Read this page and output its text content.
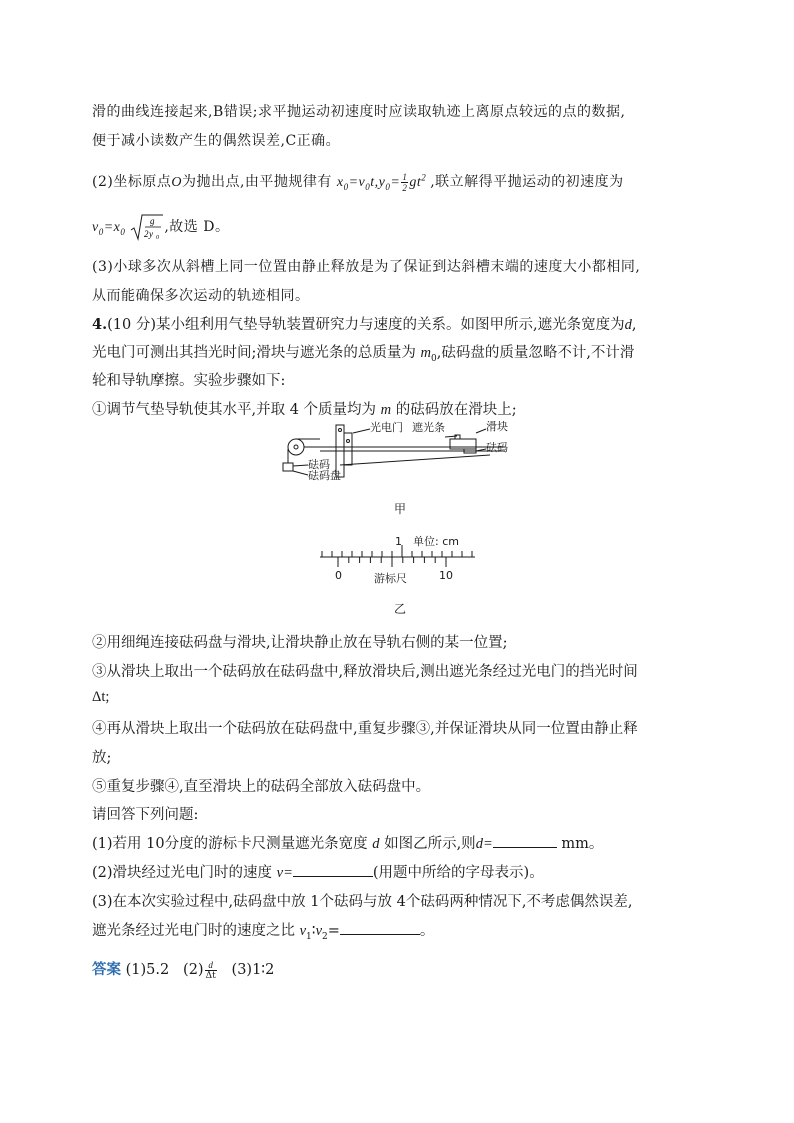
滑的曲线连接起来,B错误;求平抛运动初速度时应读取轨迹上离原点较远的点的数据,
便于减小读数产生的偶然误差,C正确。
(2)坐标原点O为抛出点,由平抛规律有 $x_0=v_0t,y_0= \frac{1}{2} gt^2$ ,联立解得平抛运动的初速度为
$v_0=x_0$
g
2y 0
,故选 D。
(3)小球多次从斜槽上同一位置由静止释放是为了保证到达斜槽末端的速度大小都相同,
从而能确保多次运动的轨迹相同。
4.(10 分)某小组利用气垫导轨装置研究力与速度的关系。如图甲所示,遮光条宽度为d,
光电门可测出其挡光时间;滑块与遮光条的总质量为 $m_0$,砝码盘的质量忽略不计,不计滑
轮和导轨摩擦。实验步骤如下:
①调节气垫导轨使其水平,并取 4 个质量均为 m 的砝码放在滑块上;
光电门 遮光条	滑块
砝码
砝码
砝码盘
甲
1 单位: cm
0	游标尺	10
乙
②用细绳连接砝码盘与滑块,让滑块静止放在导轨右侧的某一位置;
③从滑块上取出一个砝码放在砝码盘中,释放滑块后,测出遮光条经过光电门的挡光时间
Δt;
④再从滑块上取出一个砝码放在砝码盘中,重复步骤③,并保证滑块从同一位置由静止释
放;
⑤重复步骤④,直至滑块上的砝码全部放入砝码盘中。
请回答下列问题:
(1)若用 10分度的游标卡尺测量遮光条宽度 d 如图乙所示,则d=	mm。
(2)滑块经过光电门时的速度 v=	(用题中所给的字母表示)。
(3)在本次实验过程中,砝码盘中放 1个砝码与放 4个砝码两种情况下,不考虑偶然误差,
遮光条经过光电门时的速度之比 $v_1∶v_2=$	。
答案 (1)5.2 $(2) \frac{d}{\Delta t}$ (3)1∶2
